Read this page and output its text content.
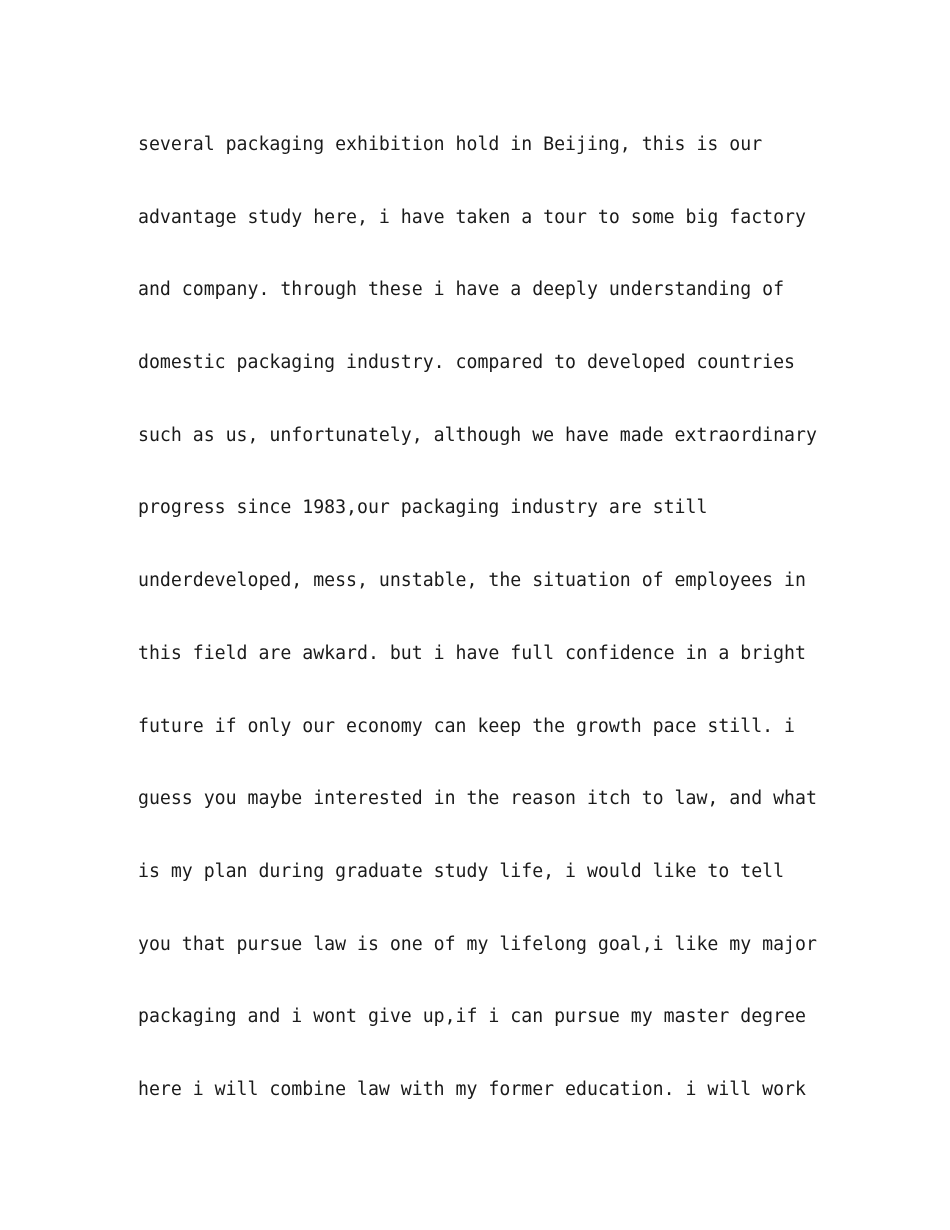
several packaging exhibition hold in Beijing, this is our
advantage study here, i have taken a tour to some big factory
and company. through these i have a deeply understanding of
domestic packaging industry. compared to developed countries
such as us, unfortunately, although we have made extraordinary
progress since 1983,our packaging industry are still
underdeveloped, mess, unstable, the situation of employees in
this field are awkard. but i have full confidence in a bright
future if only our economy can keep the growth pace still. i
guess you maybe interested in the reason itch to law, and what
is my plan during graduate study life, i would like to tell
you that pursue law is one of my lifelong goal,i like my major
packaging and i wont give up,if i can pursue my master degree
here i will combine law with my former education. i will work
